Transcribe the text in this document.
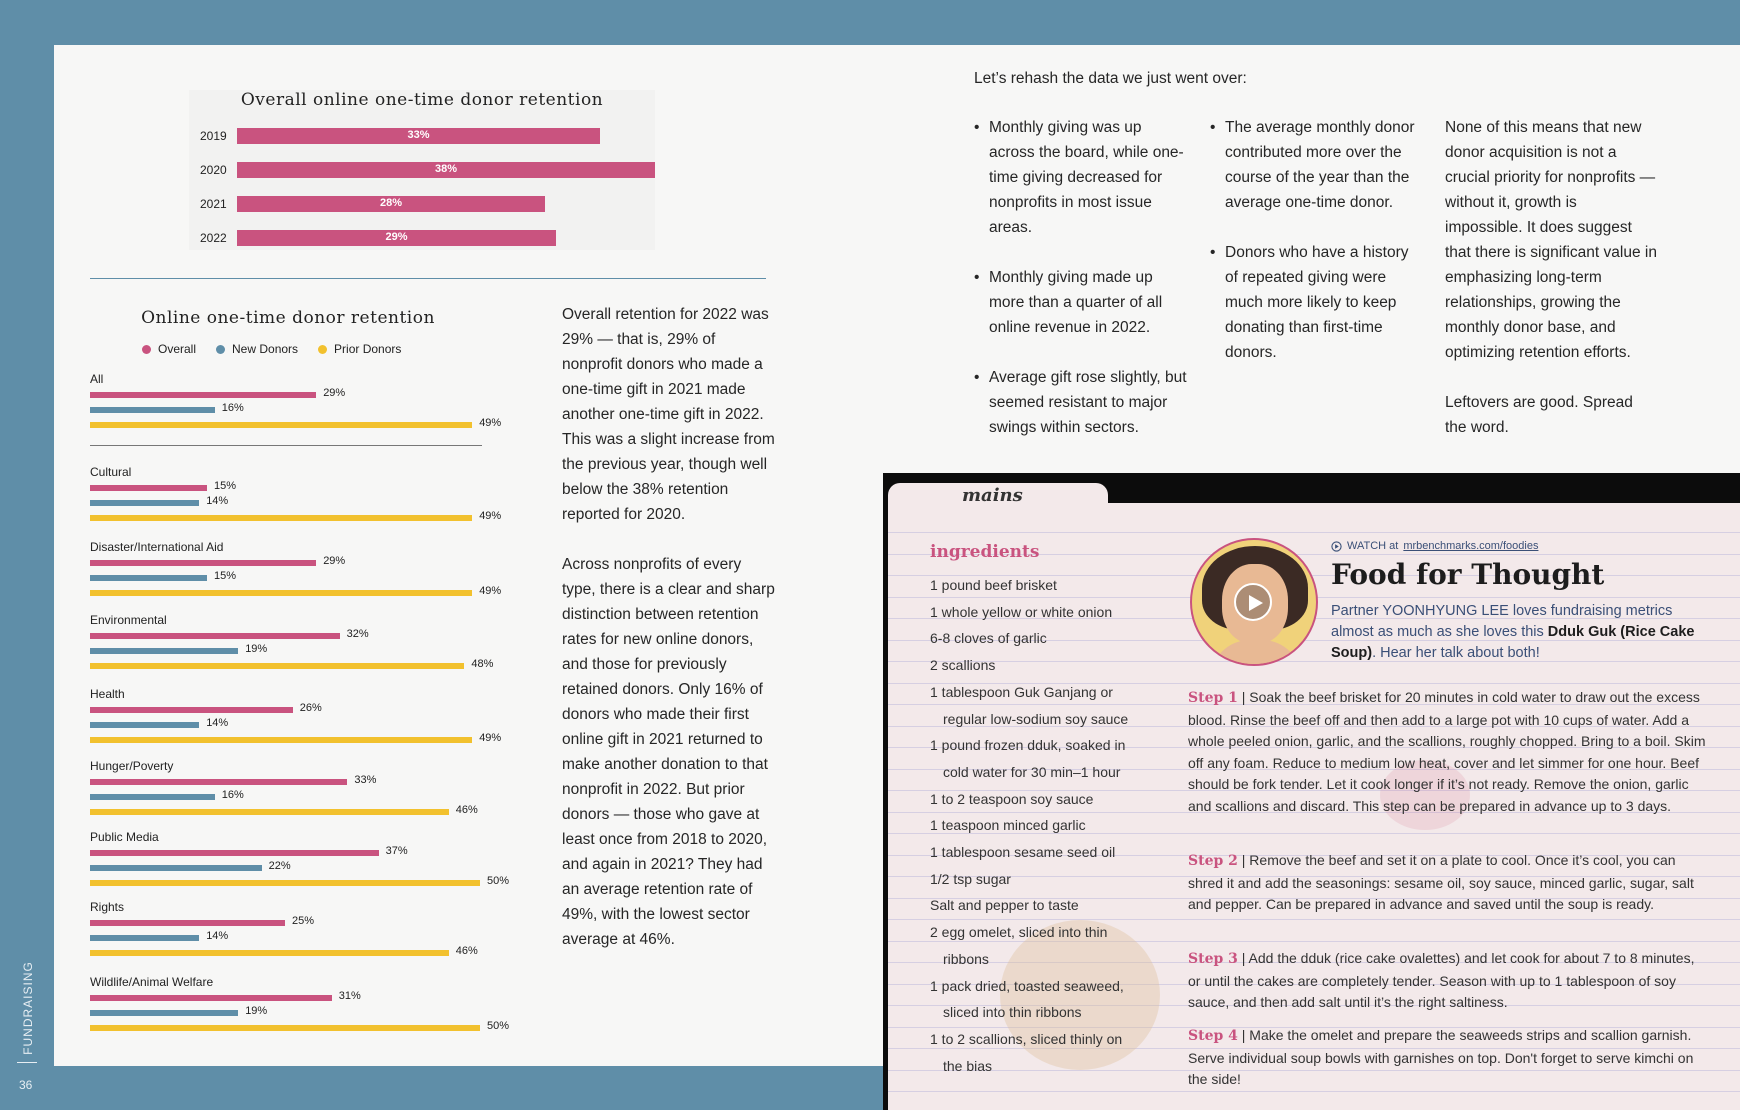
FUNDRAISING
36
Overall online one-time donor retention
2019	33%
2020	38%
2021	28%
2022	29%
Online one-time donor retention
Overall	New Donors	Prior Donors
All
29%
16%
49%
Cultural
15%
14%
49%
Disaster/International Aid
29%
15%
49%
Environmental
32%
19%
48%
Health
26%
14%
49%
Hunger/Poverty
33%
16%
46%
Public Media
37%
22%
50%
Rights
25%
14%
46%
Wildlife/Animal Welfare
31%
19%
50%

Overall retention for 2022 was 29% — that is, 29% of nonprofit donors who made a one-time gift in 2021 made another one-time gift in 2022. This was a slight increase from the previous year, though well below the 38% retention reported for 2020.

Across nonprofits of every type, there is a clear and sharp distinction between retention rates for new online donors, and those for previously retained donors. Only 16% of donors who made their first online gift in 2021 returned to make another donation to that nonprofit in 2022. But prior donors — those who gave at least once from 2018 to 2020, and again in 2021? They had an average retention rate of 49%, with the lowest sector average at 46%.

Let’s rehash the data we just went over:
• Monthly giving was up across the board, while one-time giving decreased for nonprofits in most issue areas.
• Monthly giving made up more than a quarter of all online revenue in 2022.
• Average gift rose slightly, but seemed resistant to major swings within sectors.
• The average monthly donor contributed more over the course of the year than the average one-time donor.
• Donors who have a history of repeated giving were much more likely to keep donating than first-time donors.

None of this means that new donor acquisition is not a crucial priority for nonprofits — without it, growth is impossible. It does suggest that there is significant value in emphasizing long-term relationships, growing the monthly donor base, and optimizing retention efforts.

Leftovers are good. Spread the word.

mains
ingredients
1 pound beef brisket
1 whole yellow or white onion
6-8 cloves of garlic
2 scallions
1 tablespoon Guk Ganjang or
regular low-sodium soy sauce
1 pound frozen dduk, soaked in
cold water for 30 min–1 hour
1 to 2 teaspoon soy sauce
1 teaspoon minced garlic
1 tablespoon sesame seed oil
1/2 tsp sugar
Salt and pepper to taste
2 egg omelet, sliced into thin
ribbons
1 pack dried, toasted seaweed,
sliced into thin ribbons
1 to 2 scallions, sliced thinly on
the bias
WATCH at mrbenchmarks.com/foodies
Food for Thought
Partner YOONHYUNG LEE loves fundraising metrics almost as much as she loves this Dduk Guk (Rice Cake Soup). Hear her talk about both!
Step 1 | Soak the beef brisket for 20 minutes in cold water to draw out the excess blood. Rinse the beef off and then add to a large pot with 10 cups of water. Add a whole peeled onion, garlic, and the scallions, roughly chopped. Bring to a boil. Skim off any foam. Reduce to medium low heat, cover and let simmer for one hour. Beef should be fork tender. Let it cook longer if it’s not ready. Remove the onion, garlic and scallions and discard. This step can be prepared in advance up to 3 days.
Step 2 | Remove the beef and set it on a plate to cool. Once it’s cool, you can shred it and add the seasonings: sesame oil, soy sauce, minced garlic, sugar, salt and pepper. Can be prepared in advance and saved until the soup is ready.
Step 3 | Add the dduk (rice cake ovalettes) and let cook for about 7 to 8 minutes, or until the cakes are completely tender. Season with up to 1 tablespoon of soy sauce, and then add salt until it’s the right saltiness.
Step 4 | Make the omelet and prepare the seaweeds strips and scallion garnish. Serve individual soup bowls with garnishes on top. Don't forget to serve kimchi on the side!
